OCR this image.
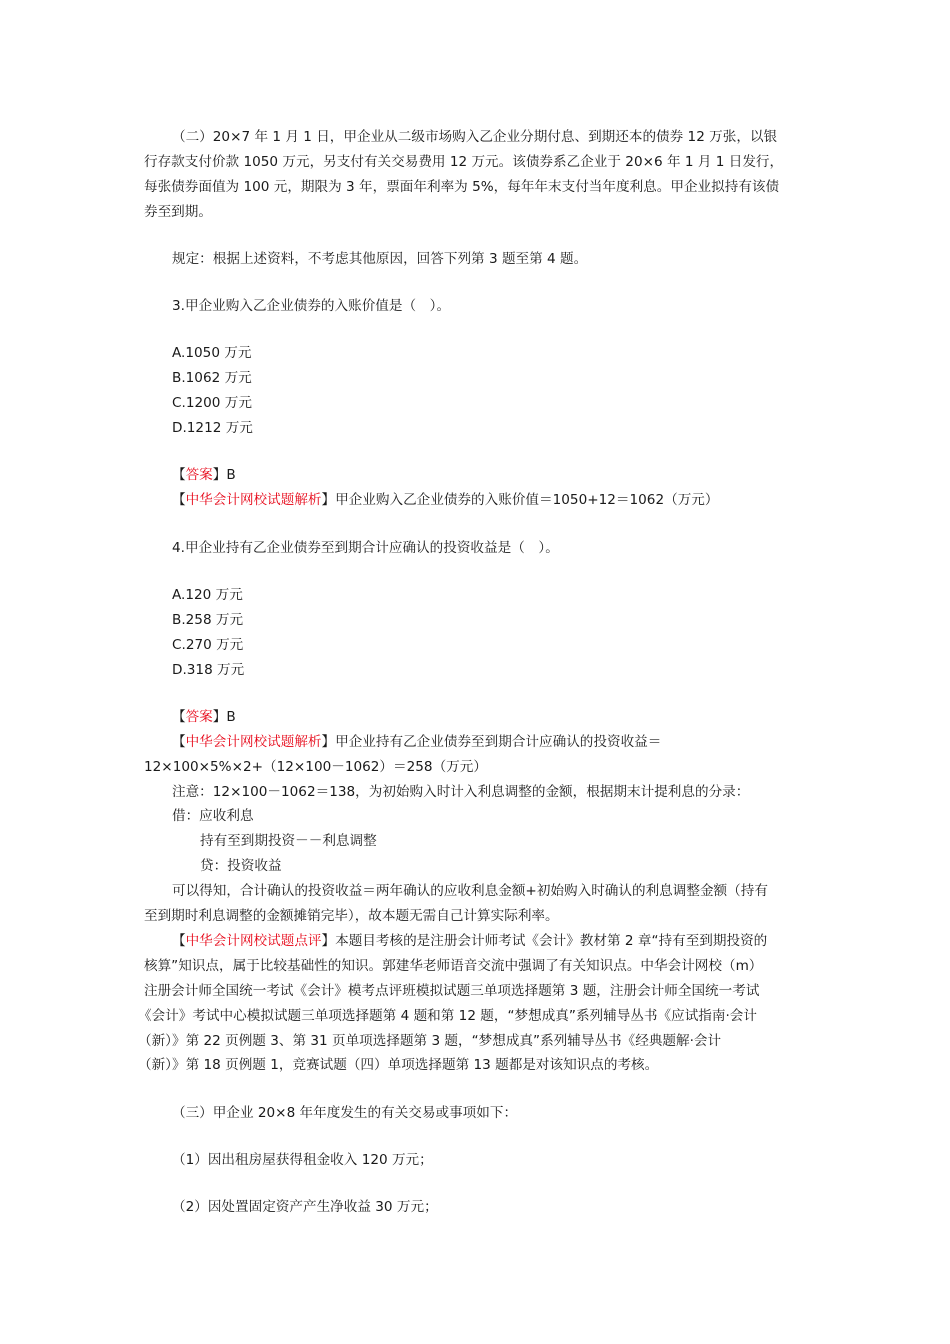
（二）20×7 年 1 月 1 日，甲企业从二级市场购入乙企业分期付息、到期还本的债券 12 万张，以银
行存款支付价款 1050 万元，另支付有关交易费用 12 万元。该债券系乙企业于 20×6 年 1 月 1 日发行，
每张债券面值为 100 元，期限为 3 年，票面年利率为 5%，每年年末支付当年度利息。甲企业拟持有该债
券至到期。
规定：根据上述资料，不考虑其他原因，回答下列第 3 题至第 4 题。
3.甲企业购入乙企业债券的入账价值是（　）。
A.1050 万元
B.1062 万元
C.1200 万元
D.1212 万元
【答案】B
【中华会计网校试题解析】甲企业购入乙企业债券的入账价值＝1050+12＝1062（万元）
4.甲企业持有乙企业债券至到期合计应确认的投资收益是（　）。
A.120 万元
B.258 万元
C.270 万元
D.318 万元
【答案】B
【中华会计网校试题解析】甲企业持有乙企业债券至到期合计应确认的投资收益＝
12×100×5%×2+（12×100－1062）＝258（万元）
注意：12×100－1062＝138，为初始购入时计入利息调整的金额，根据期末计提利息的分录：
借：应收利息
持有至到期投资－－利息调整
贷：投资收益
可以得知，合计确认的投资收益＝两年确认的应收利息金额+初始购入时确认的利息调整金额（持有
至到期时利息调整的金额摊销完毕），故本题无需自己计算实际利率。
【中华会计网校试题点评】本题目考核的是注册会计师考试《会计》教材第 2 章“持有至到期投资的
核算”知识点，属于比较基础性的知识。郭建华老师语音交流中强调了有关知识点。中华会计网校（m）
注册会计师全国统一考试《会计》模考点评班模拟试题三单项选择题第 3 题，注册会计师全国统一考试
《会计》考试中心模拟试题三单项选择题第 4 题和第 12 题，“梦想成真”系列辅导丛书《应试指南·会计
（新）》第 22 页例题 3、第 31 页单项选择题第 3 题，“梦想成真”系列辅导丛书《经典题解·会计
（新）》第 18 页例题 1，竞赛试题（四）单项选择题第 13 题都是对该知识点的考核。
（三）甲企业 20×8 年年度发生的有关交易或事项如下：
（1）因出租房屋获得租金收入 120 万元；
（2）因处置固定资产产生净收益 30 万元；
